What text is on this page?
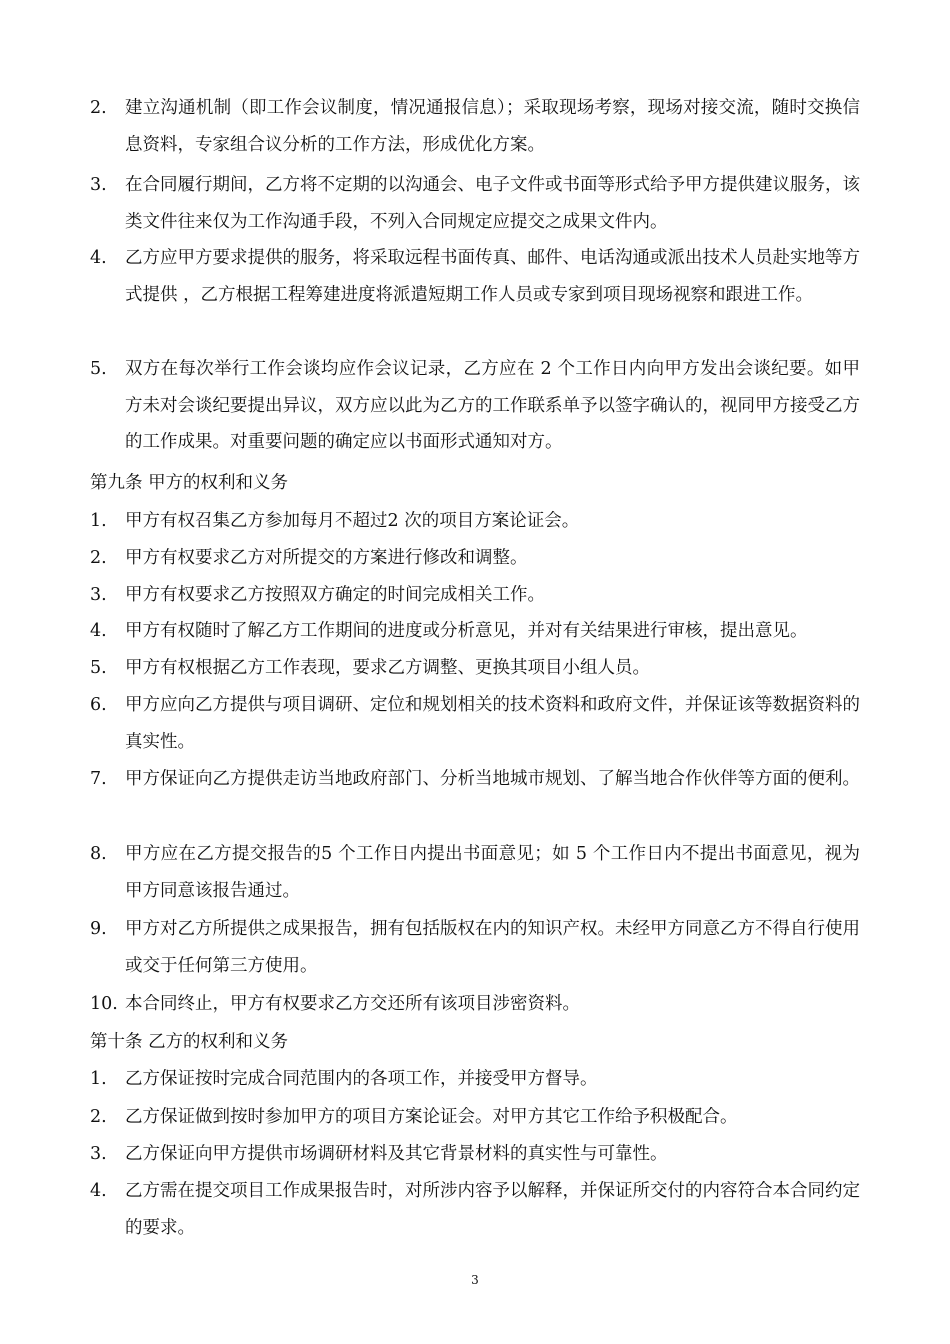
2.	建立沟通机制（即工作会议制度，情况通报信息）；采取现场考察，现场对接交流，随时交换信息资料，专家组合议分析的工作方法，形成优化方案。
3.	在合同履行期间，乙方将不定期的以沟通会、电子文件或书面等形式给予甲方提供建议服务，该类文件往来仅为工作沟通手段，不列入合同规定应提交之成果文件内。
4.	乙方应甲方要求提供的服务，将采取远程书面传真、邮件、电话沟通或派出技术人员赴实地等方式提供 ，乙方根据工程筹建进度将派遣短期工作人员或专家到项目现场视察和跟进工作。
5.	双方在每次举行工作会谈均应作会议记录，乙方应在 2 个工作日内向甲方发出会谈纪要。如甲方未对会谈纪要提出异议，双方应以此为乙方的工作联系单予以签字确认的，视同甲方接受乙方的工作成果。对重要问题的确定应以书面形式通知对方。
第九条 甲方的权利和义务
1.	甲方有权召集乙方参加每月不超过2 次的项目方案论证会。
2.	甲方有权要求乙方对所提交的方案进行修改和调整。
3.	甲方有权要求乙方按照双方确定的时间完成相关工作。
4.	甲方有权随时了解乙方工作期间的进度或分析意见，并对有关结果进行审核，提出意见。
5.	甲方有权根据乙方工作表现，要求乙方调整、更换其项目小组人员。
6.	甲方应向乙方提供与项目调研、定位和规划相关的技术资料和政府文件，并保证该等数据资料的真实性。
7.	甲方保证向乙方提供走访当地政府部门、分析当地城市规划、了解当地合作伙伴等方面的便利。
8.	甲方应在乙方提交报告的5 个工作日内提出书面意见；如 5 个工作日内不提出书面意见，视为甲方同意该报告通过。
9.	甲方对乙方所提供之成果报告，拥有包括版权在内的知识产权。未经甲方同意乙方不得自行使用或交于任何第三方使用。
10. 本合同终止，甲方有权要求乙方交还所有该项目涉密资料。
第十条 乙方的权利和义务
1.	乙方保证按时完成合同范围内的各项工作，并接受甲方督导。
2.	乙方保证做到按时参加甲方的项目方案论证会。对甲方其它工作给予积极配合。
3.	乙方保证向甲方提供市场调研材料及其它背景材料的真实性与可靠性。
4.	乙方需在提交项目工作成果报告时，对所涉内容予以解释，并保证所交付的内容符合本合同约定的要求。
3
